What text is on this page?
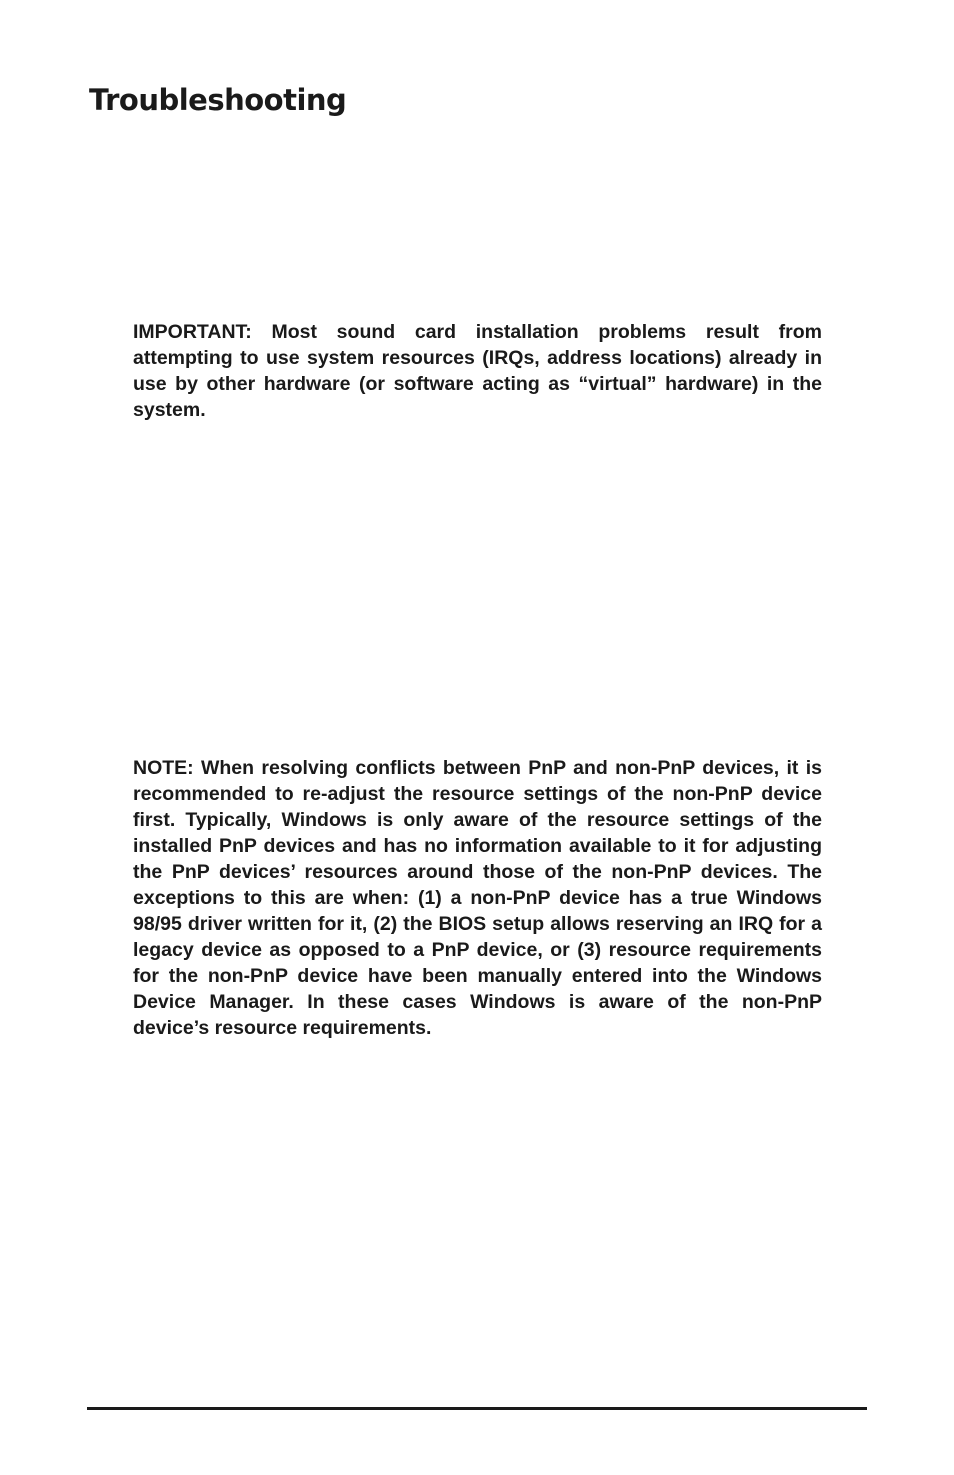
Troubleshooting

IMPORTANT: Most sound card installation problems result from attempting to use system resources (IRQs, address locations) already in use by other hardware (or software acting as “virtual” hardware) in the system.

NOTE: When resolving conflicts between PnP and non-PnP devices, it is recommended to re-adjust the resource settings of the non-PnP device first. Typically, Windows is only aware of the resource settings of the installed PnP devices and has no information available to it for adjusting the PnP devices’ resources around those of the non-PnP devices. The exceptions to this are when: (1) a non-PnP device has a true Windows 98/95 driver written for it, (2) the BIOS setup allows reserving an IRQ for a legacy device as opposed to a PnP device, or (3) resource requirements for the non-PnP device have been manually entered into the Windows Device Manager. In these cases Windows is aware of the non-PnP device’s resource requirements.
